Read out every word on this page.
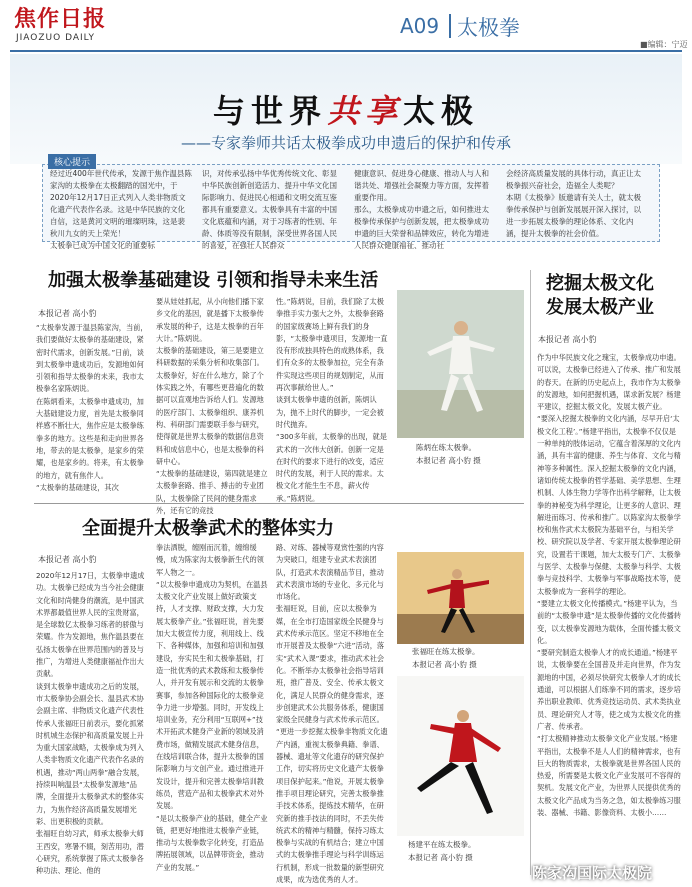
焦作日报
JIAOZUO DAILY	A09 太极拳
■编辑：宁迈
与世界共享太极
——专家拳师共话太极拳成功申遗后的保护和传承
核心提示
经过近400年世代传承，发源于焦作温县陈家沟的太极拳在太极翻踏的国光中，于2020年12月17日正式列入人类非物质文化遗产代表作名录。这是中华民族的文化自信，这是黄河文明的璀璨明珠，这是裴秋川九女的天上荣光！
太极拳已成为中国文化的重要标
识，对传承弘扬中华优秀传统文化、彰显中华民族创新创造活力、提升中华文化国际影响力、促进民心相通和文明交流互鉴都具有重要意义。太极拳具有丰富的中国文化底蕴和内涵，对于习练者的性别、年龄、体质等没有限制，深受世界各国人民的喜爱，在强壮人民群众
健康意识、促进身心健康、推动人与人和谐共处、增强社会凝聚力等方面，发挥着重要作用。
那么，太极拳成功申遗之后，如何推进太极拳传承保护与创新发展，把太极拳成功申遗的巨大荣誉和品牌效应，转化为增进人民群众健康福祉、推动社
会经济高质量发展的具体行动，真正让太极拳振兴奋社会，造福全人类呢？
本期《太极拳》版邀请有关人士，就太极拳传承保护与创新发展展开深入探讨，以进一步拓展太极拳的理论体系、文化内涵，提升太极拳的社会价值。
加强太极拳基础建设 引领和指导未来生活
本报记者 高小豹
“太极拳发源于温县陈家沟，当前，我们要做好太极拳的基础建设，紧密时代需求，创新发展。”日前，谈到太极拳申遗成功后，发源地如何引领和指导太极拳的未来，我市太极拳名家陈炳说。
在陈炳看来，太极拳申遗成功，加大基础建设力度，首先是太极拳同样感不断壮大，焦作应是太极拳练拳多的地方。这些是和走向世界各地，带去的是太极拳，是家乡的荣耀，也是家乡的。将来，有太极拳的地方，就有焦作人。
“太极拳的基础建设，其次
要从娃娃抓起，从小向他们播下家乡文化的基因，就是播下太极拳传承发展的种子，这是太极拳的百年大计。”陈炳说。
太极拳的基础建设，第三是要建立科研数据的采集分析和收集部门。太极拳好，好在什么地方，除了个体实践之外，有哪些更普遍化的数据可以直观地告诉给人们。发源地的医疗部门、太极拳组织、康养机构、科研部门需要联手参与研究，使得就是世界太极拳的数据信息资料和成信息中心，也是太极拳的科研中心。
“太极拳的基础建设，第四就是建立太极拳套路、推手、搏击的专业团队，太极拳除了民间的健身需求外，还有它的竞技
性。”陈炳说，目前，我们除了太极拳推手实力强大之外，太极拳套路的国家级赛场上鲜有我们的身影，“太极拳申遗项目，发源地一直没有形成独具特色的成熟体系，我们有众多的太极拳加拉，完全有条件实现这些项目的规划制定，从而再次事献给世人。”
谈到太极拳申遗的创新，陈炳认为，抛不上时代的脚步，一定会被时代抛弃。
“300多年前，太极拳的出现，就是武术的一次伟大创新。创新一定是在时代的要求下进行的改变，适应时代的发展，利于人民的需求。太极文化才能生生不息，薪火传承。”陈炳说。
陈炳在练太极拳。
本报记者 高小豹 摄
全面提升太极拳武术的整体实力
本报记者 高小豹
2020年12月17日，太极拳申遗成功。太极拳已经成为当今社会健康文化和时尚健身的潮流，是中国武术界都最值世界人民的宝贵财富，是全球数亿太极拳习练者的骄傲与荣耀。作为发源地，焦作温县要在弘扬太极拳在世界范围内的普及与推广，为增进人类健康福祉作出大贡献。
谈到太极拳申遗成功之后的发展，市太极拳协会副会长、温县武术协会副主席、非物质文化遗产代表性传承人张福旺日前表示，要化抓紧时机城生态保护和高质量发展上升为重大国家战略，太极拳成为列入人类非物质文化遗产代表作名录的机遇，推动“两山两拳”融合发展，持续叫响温县“太极拳发源地”品牌，全面提升太极拳武术的整体实力，为焦作经济高质量发展增光彩、出更积极的贡献。
张福旺自幼习武，师承太极拳大师王西安，寒暑不辍，刻苦用功，潜心研究，系统掌握了陈式太极拳各种功法、理论、他的
拳法洒脱，缠刚而沉着，缠绵缓慢，成为陈家沟太极拳新生代的领军人物之一。
“以太极拳申遗成功为契机，在温县太极文化产业发展上做好政策支持，人才支撑、财政支撑，大力发展太极拳产业。”张福旺说，首先要加大太极宣传力度，利用线上、线下、各种媒体，加强和培训和加强建设，夯实民生和太极拳基础，打造一批优秀的武术教练和太极拳传人，并开发有展示和交流的太极拳赛事，参加各种国际化的太极拳竞争力进一步增强。同时，开发线上培训业务，充分利用“互联网+”技术开拓武术健身产业新的领域及消费市场，做精发展武术健身信息，在线培训联合体，提升太极拳的国际影响力与文创产业。通过推进开发设计，提升和完善太极拳培训教练员，营造产品和太极拳武术对外发展。
“是以太极拳产业的基础，健全产业链，把更好地推进太极拳产业链，推动与太极拳数字化转变，打造品牌拓展领域，以品牌带资金，推动产业的发展。”
路、对练、器械等观赏性强的内容为突破口，组建专业武术表演团队，打造武术表演精品节目，推动武术表演市场的专业化、多元化与市场化。
张福旺说，目前，应以太极拳为媒，在全市打造国家级全民健身与武术传承示范区。坚定不移地在全市开展普及太极拳“六进”活动，落实“武术入课”要求，推动武术社会化。不断举办太极拳社会指导培训班，推广普及、安全、传承太极文化，满足人民群众的健身需求，逐步创建武术公共服务体系，健康国家级全民健身与武术传承示范区。
“更进一步挖掘太极拳非物质文化遗产内涵，重视太极拳典籍、拳谱、器械、遗址等文化遗存的研究保护工作，切实将历史文化遗产太极拳项目保护起来。”他说，开展太极拳推手项目理论研究，完善太极拳推手技术体系，提炼技术精华，在研究新的推手技法的同时，不丢失传统武术的精神与精髓，保持习练太极拳与实战的有机结合；建立中国式的太极拳推手理论与科学训练运行机制，形成一批数量的新型研究成果，成为选优秀的人才。
张福旺在练太极拳。
本报记者 高小豹 摄
杨建平在练太极拳。
本报记者 高小豹 摄
挖掘太极文化
发展太极产业
本报记者 高小豹
作为中华民族文化之瑰宝，太极拳成功申遗。可以说，太极拳已经进入了传承、推广和发展的春天。在新的历史起点上，我市作为太极拳的发源地，如何把握机遇，谋求新发展？杨建平建议，挖掘太极文化，发展太极产业。
“要深入挖掘太极拳的文化内涵，尽早开启‘太极文化工程’。”杨建平指出，太极拳不仅仅是一种单纯的肢体运动，它蕴含着深厚的文化内涵，具有丰富的健康、养生与体育、文化与精神等多种属性。深入挖掘太极拳的文化内涵，诸如传统太极拳的哲学基础、美学思想、生理机制、人体生物力学等作出科学解释，让太极拳的神秘变为科学理论，让更多的人意识、理解进而练习、传承和推广。以陈家沟太极拳学校和焦作武术太极院为基础平台，与相关学校、研究院以及学者、专家开展太极拳理论研究，设置若干课题，加大太极专门产、太极拳与医学、太极拳与保健、太极拳与科学、太极拳与竞技科学、太极拳与军事战略技术等，使太极拳成为一套科学的理论。
“要建立太极文化传播模式。”杨建平认为，当前的“太极拳申遗”是太极拳传播的文化传播转变，以太极拳发源地为载体，全面传播太极文化。
“要研究制造太极拳人才的成长通道。”杨建平说，太极拳要在全国普及并走向世界，作为发源地的中国，必须尽快研究太极拳人才的成长通道，可以根据人们练拳不同的需求，逐步培养出职业教师、优秀竞技运动员、武术类执业员、理论研究人才等，使之成为太极文化的推广者、传承者。
“打太极精神推动太极拳文化产业发展。”杨建平指出，太极拳不是人人们的精神需求，也有巨大的物质需求，太极拳就是世界各国人民的热爱，所需要是太极文化产业发展可不容得的契机。发展文化产业，为世界人民提供优秀的太极文化产品成为当务之急，如太极拳练习服装、器械、书籍、影像资料、太极小……
陈家沟国际太极院
